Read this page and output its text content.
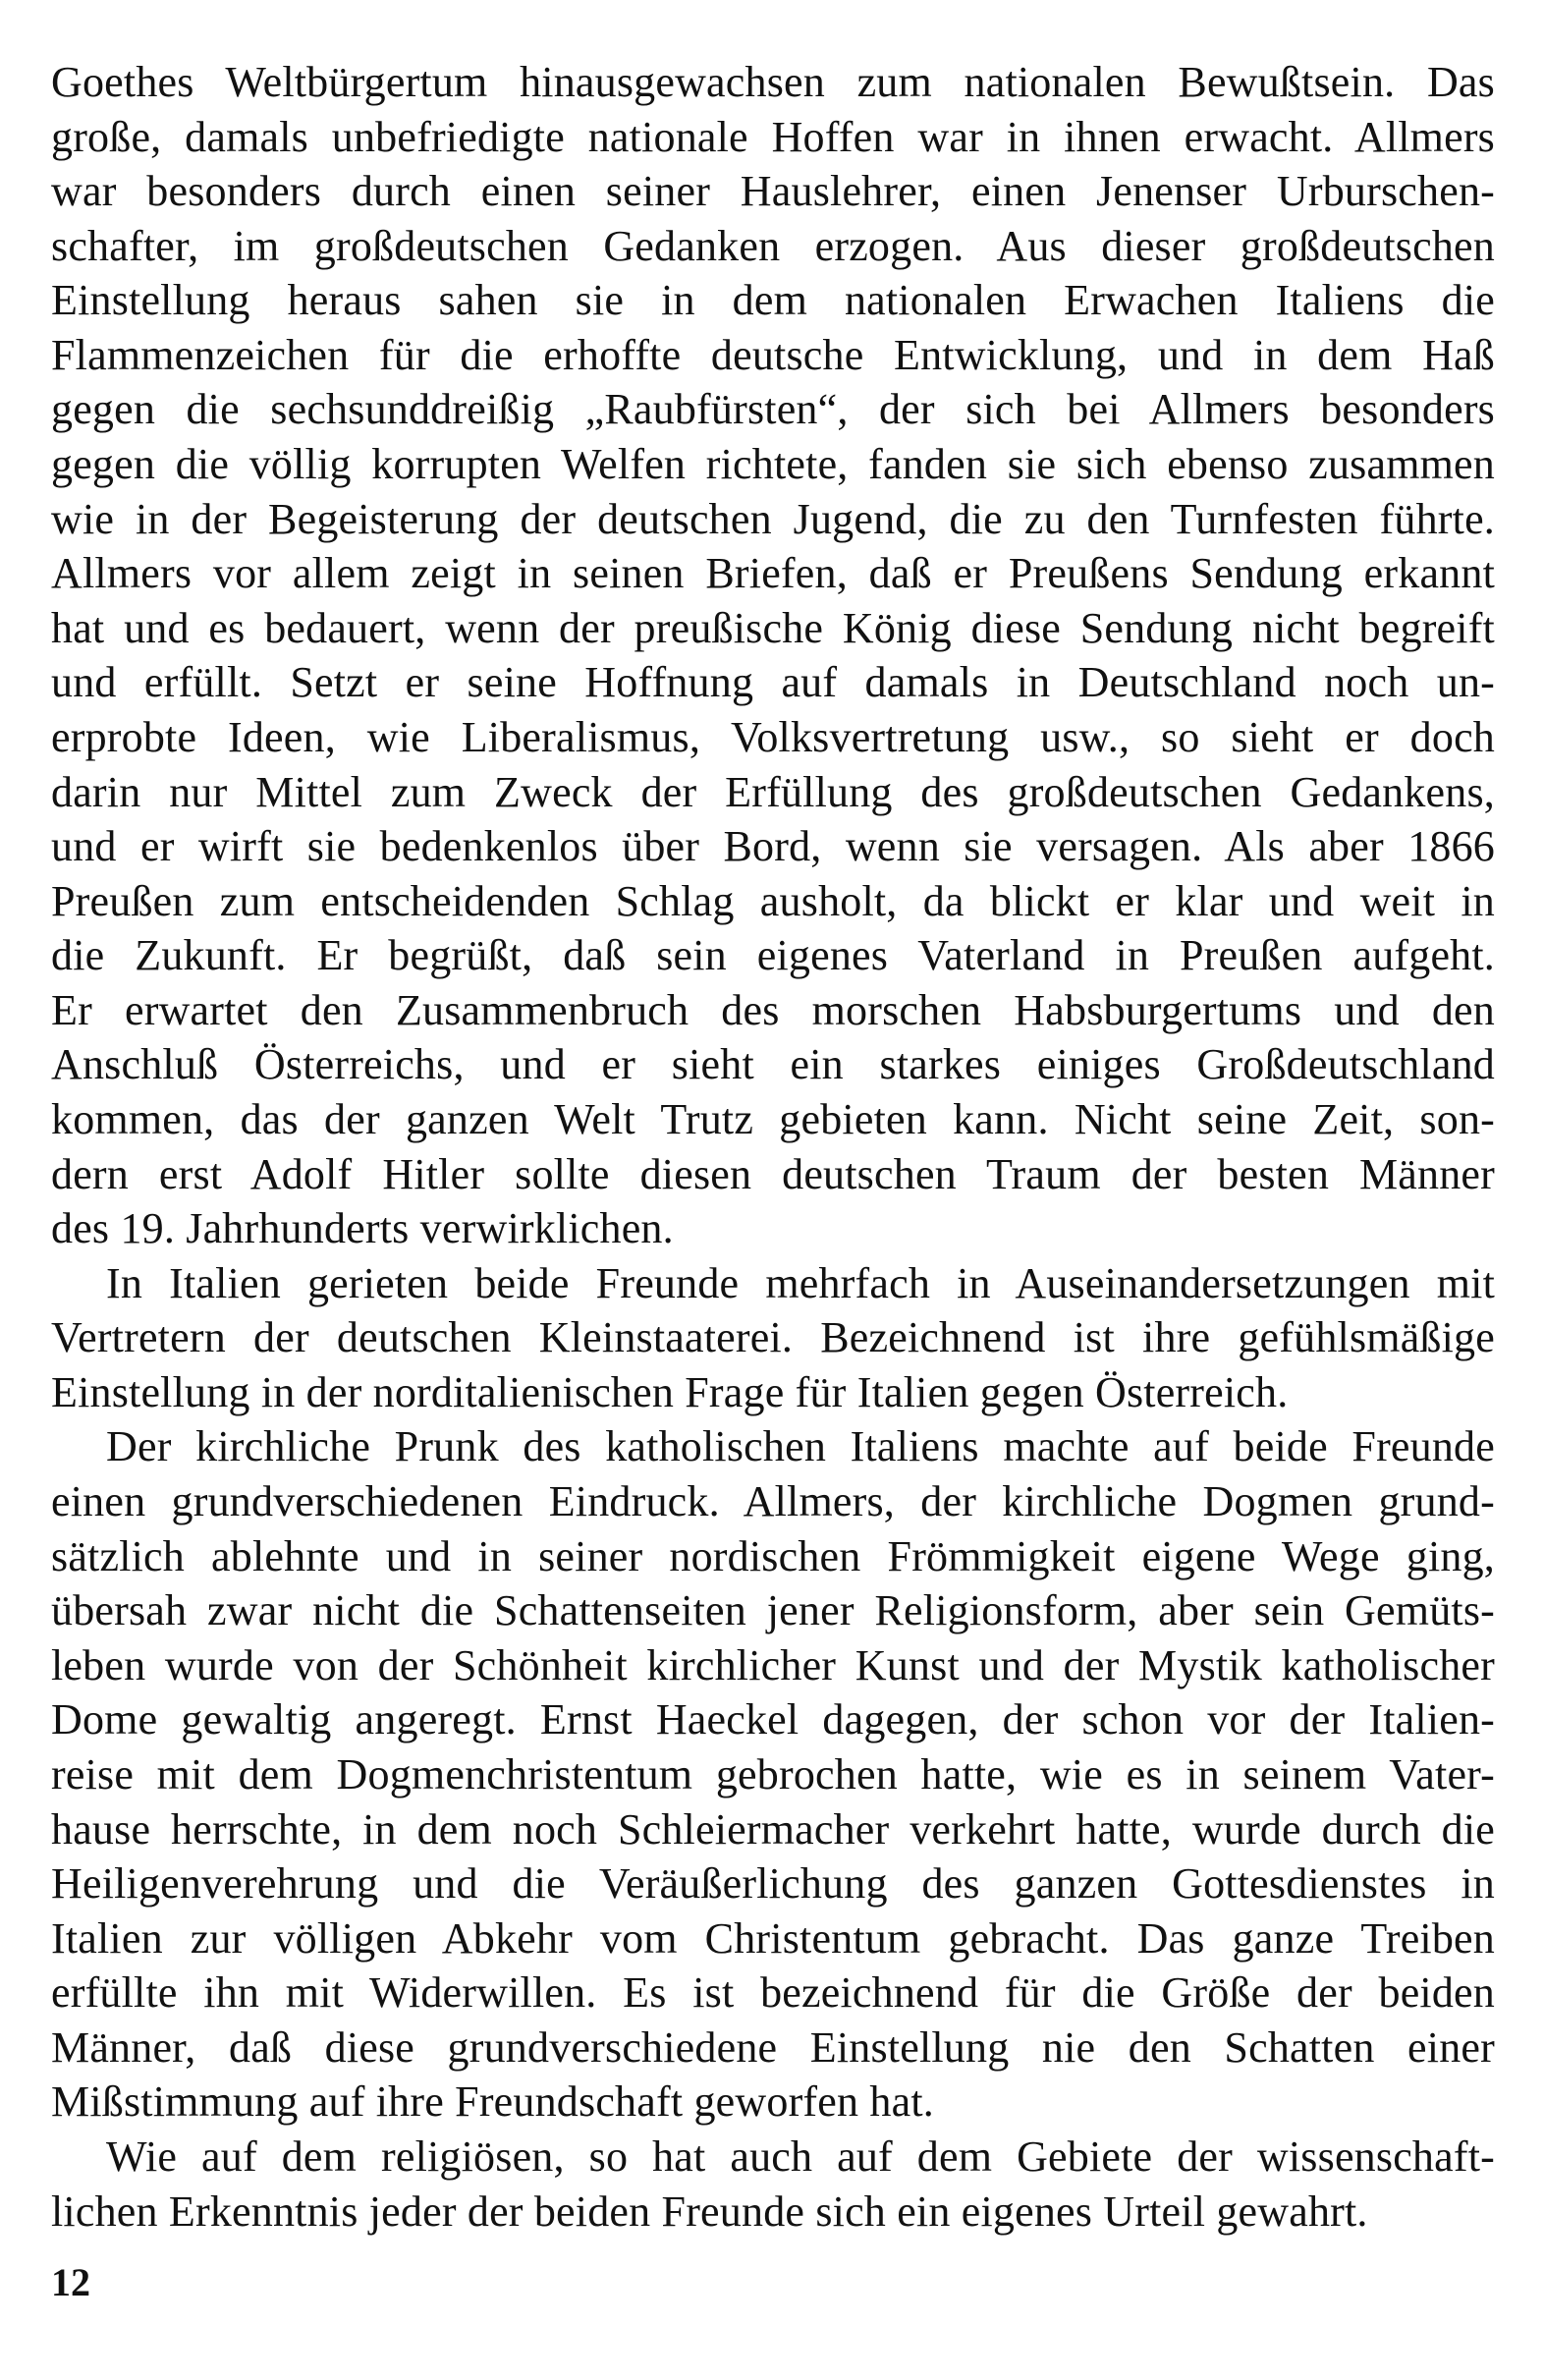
Goethes Weltbürgertum hinausgewachsen zum nationalen Bewußtsein. Das
große, damals unbefriedigte nationale Hoffen war in ihnen erwacht. Allmers
war besonders durch einen seiner Hauslehrer, einen Jenenser Urburschen-
schafter, im großdeutschen Gedanken erzogen. Aus dieser großdeutschen
Einstellung heraus sahen sie in dem nationalen Erwachen Italiens die
Flammenzeichen für die erhoffte deutsche Entwicklung, und in dem Haß
gegen die sechsunddreißig „Raubfürsten“, der sich bei Allmers besonders
gegen die völlig korrupten Welfen richtete, fanden sie sich ebenso zusammen
wie in der Begeisterung der deutschen Jugend, die zu den Turnfesten führte.
Allmers vor allem zeigt in seinen Briefen, daß er Preußens Sendung erkannt
hat und es bedauert, wenn der preußische König diese Sendung nicht begreift
und erfüllt. Setzt er seine Hoffnung auf damals in Deutschland noch un-
erprobte Ideen, wie Liberalismus, Volksvertretung usw., so sieht er doch
darin nur Mittel zum Zweck der Erfüllung des großdeutschen Gedankens,
und er wirft sie bedenkenlos über Bord, wenn sie versagen. Als aber 1866
Preußen zum entscheidenden Schlag ausholt, da blickt er klar und weit in
die Zukunft. Er begrüßt, daß sein eigenes Vaterland in Preußen aufgeht.
Er erwartet den Zusammenbruch des morschen Habsburgertums und den
Anschluß Österreichs, und er sieht ein starkes einiges Großdeutschland
kommen, das der ganzen Welt Trutz gebieten kann. Nicht seine Zeit, son-
dern erst Adolf Hitler sollte diesen deutschen Traum der besten Männer
des 19. Jahrhunderts verwirklichen.
In Italien gerieten beide Freunde mehrfach in Auseinandersetzungen mit
Vertretern der deutschen Kleinstaaterei. Bezeichnend ist ihre gefühlsmäßige
Einstellung in der norditalienischen Frage für Italien gegen Österreich.
Der kirchliche Prunk des katholischen Italiens machte auf beide Freunde
einen grundverschiedenen Eindruck. Allmers, der kirchliche Dogmen grund-
sätzlich ablehnte und in seiner nordischen Frömmigkeit eigene Wege ging,
übersah zwar nicht die Schattenseiten jener Religionsform, aber sein Gemüts-
leben wurde von der Schönheit kirchlicher Kunst und der Mystik katholischer
Dome gewaltig angeregt. Ernst Haeckel dagegen, der schon vor der Italien-
reise mit dem Dogmenchristentum gebrochen hatte, wie es in seinem Vater-
hause herrschte, in dem noch Schleiermacher verkehrt hatte, wurde durch die
Heiligenverehrung und die Veräußerlichung des ganzen Gottesdienstes in
Italien zur völligen Abkehr vom Christentum gebracht. Das ganze Treiben
erfüllte ihn mit Widerwillen. Es ist bezeichnend für die Größe der beiden
Männer, daß diese grundverschiedene Einstellung nie den Schatten einer
Mißstimmung auf ihre Freundschaft geworfen hat.
Wie auf dem religiösen, so hat auch auf dem Gebiete der wissenschaft-
lichen Erkenntnis jeder der beiden Freunde sich ein eigenes Urteil gewahrt.
12
